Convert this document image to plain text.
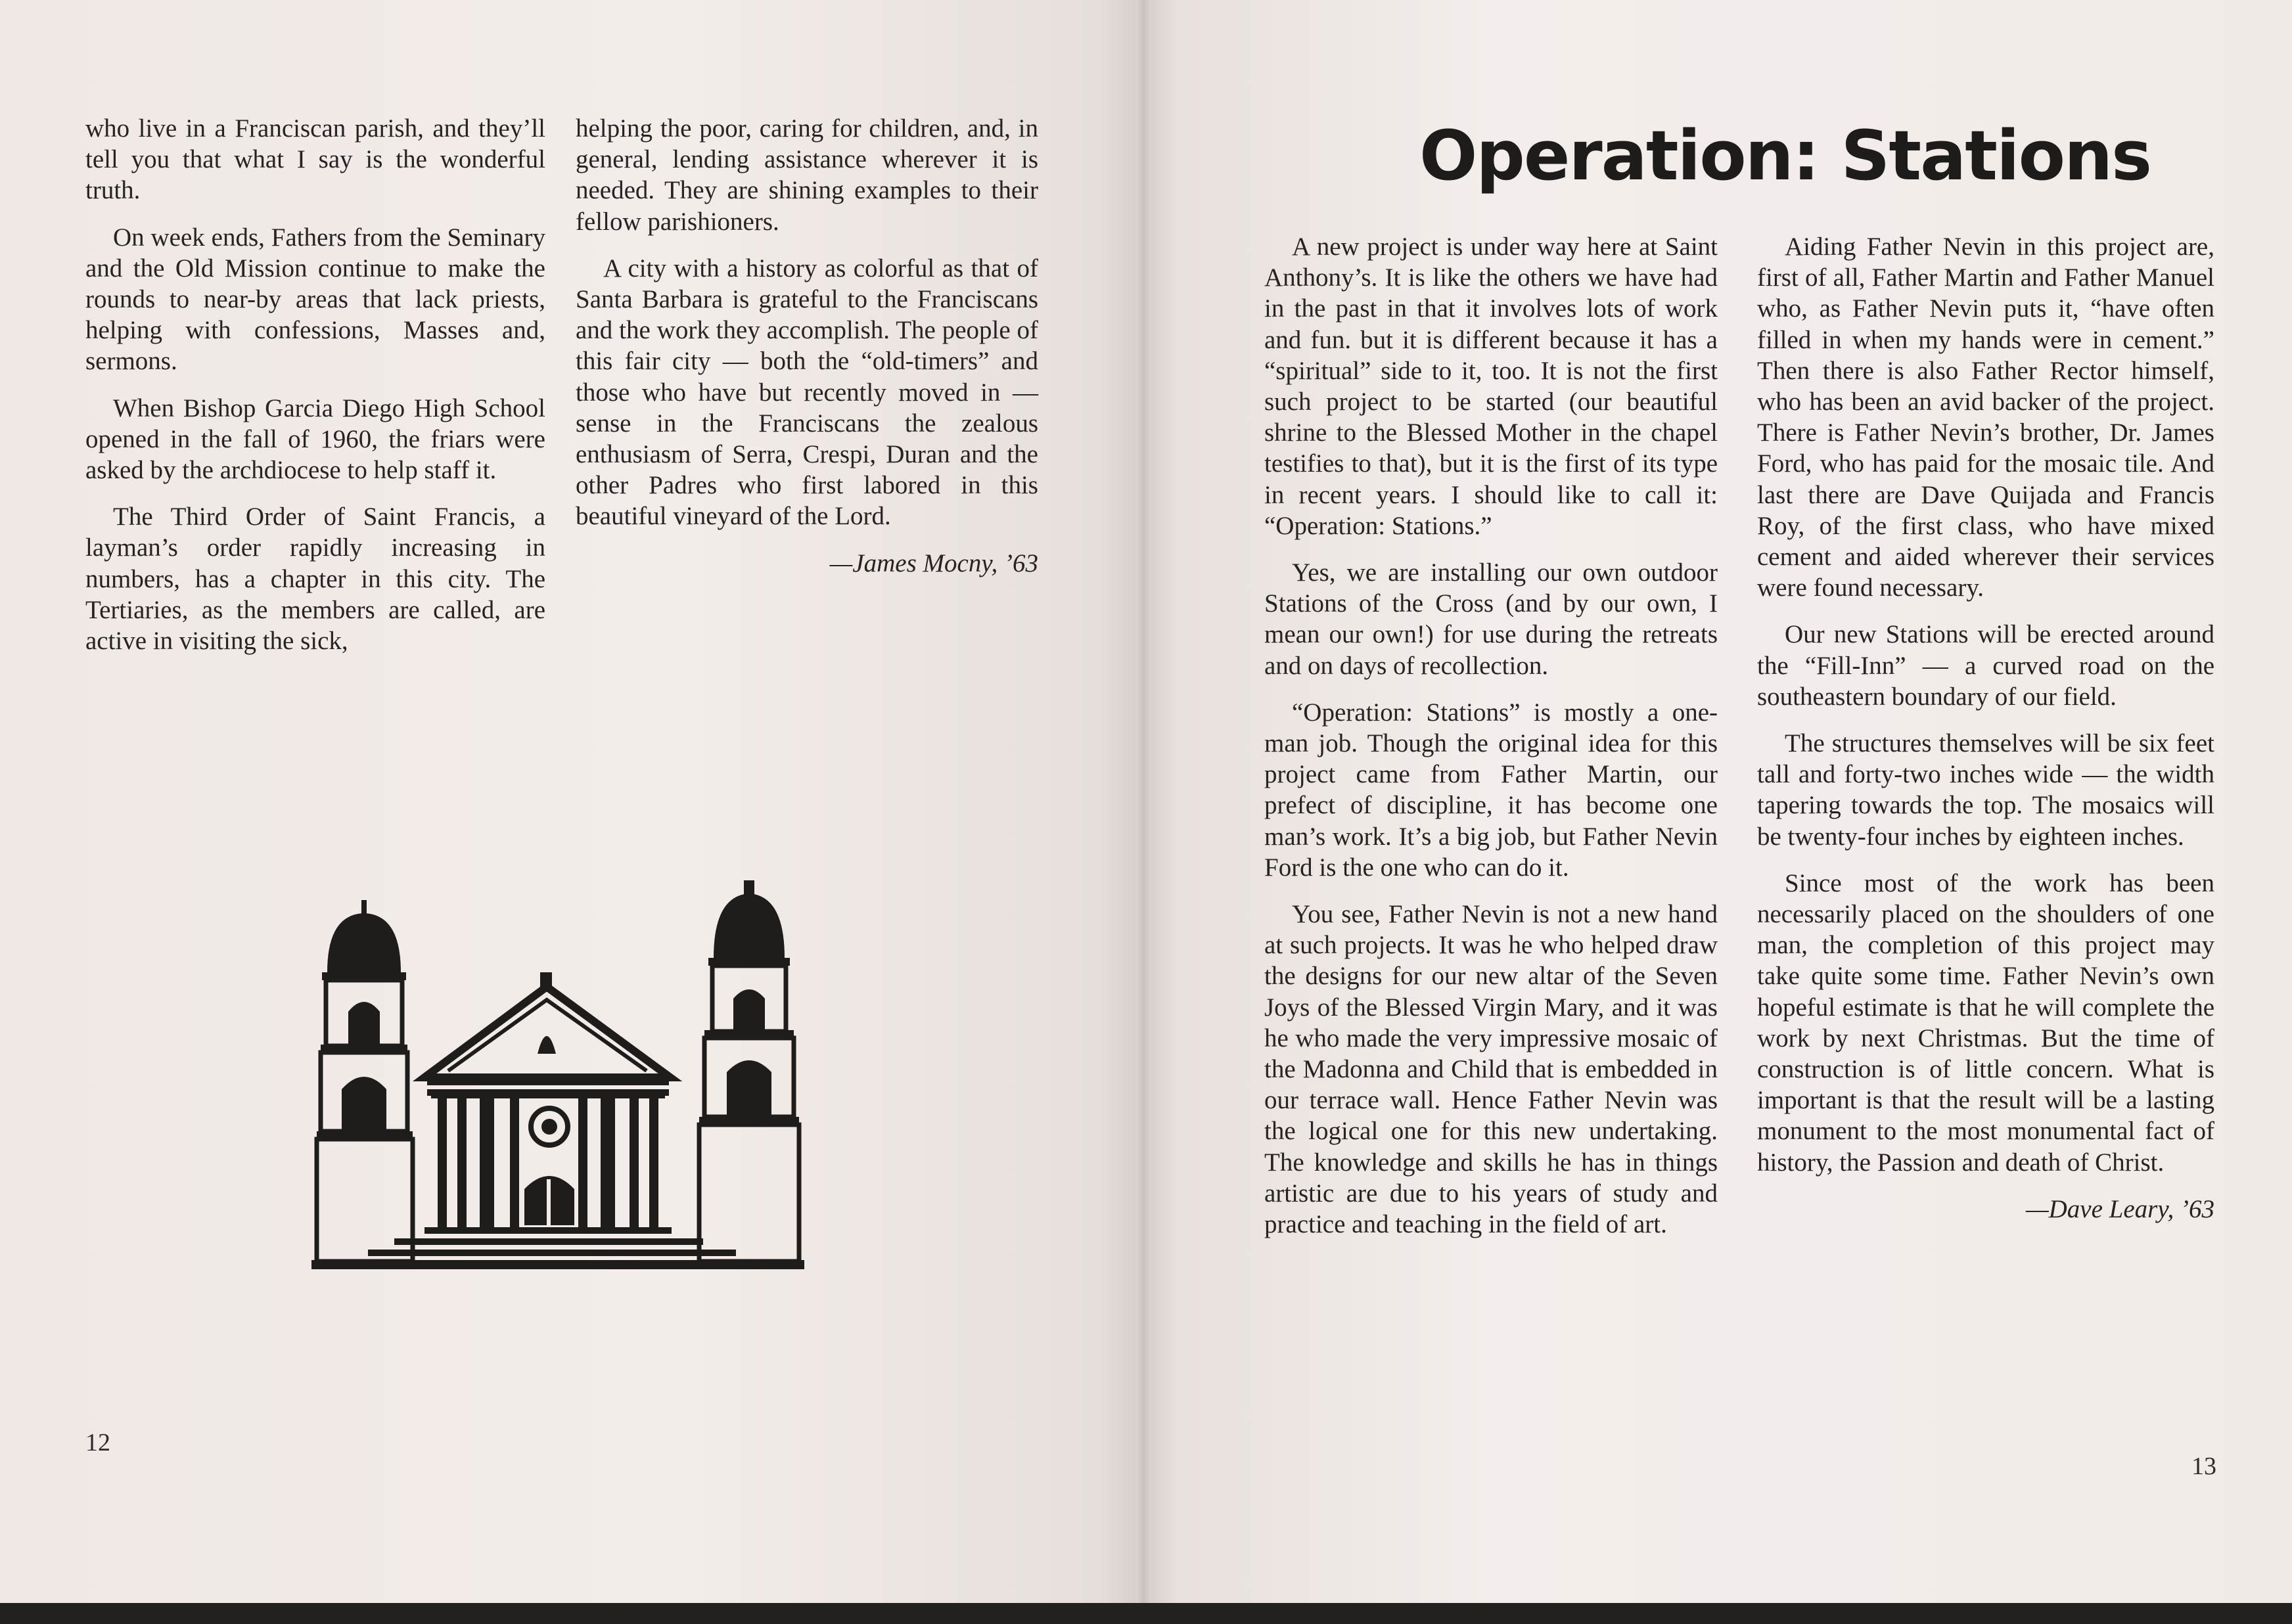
who live in a Franciscan parish, and they’ll tell you that what I say is the wonderful truth.

On week ends, Fathers from the Seminary and the Old Mission continue to make the rounds to near-by areas that lack priests, helping with confessions, Masses and, sermons.

When Bishop Garcia Diego High School opened in the fall of 1960, the friars were asked by the archdiocese to help staff it.

The Third Order of Saint Francis, a layman’s order rapidly increasing in numbers, has a chapter in this city. The Tertiaries, as the members are called, are active in visiting the sick,

helping the poor, caring for children, and, in general, lending assistance wherever it is needed. They are shining examples to their fellow parishioners.

A city with a history as colorful as that of Santa Barbara is grateful to the Franciscans and the work they accomplish. The people of this fair city — both the “old-timers” and those who have but recently moved in — sense in the Franciscans the zealous enthusiasm of Serra, Crespi, Duran and the other Padres who first labored in this beautiful vineyard of the Lord.

—James Mocny, ’63

12

A new project is under way here at Saint Anthony’s. It is like the others we have had in the past in that it involves lots of work and fun. but it is different because it has a “spiritual” side to it, too. It is not the first such project to be started (our beautiful shrine to the Blessed Mother in the chapel testifies to that), but it is the first of its type in recent years. I should like to call it: “Operation: Stations.”

Yes, we are installing our own outdoor Stations of the Cross (and by our own, I mean our own!) for use during the retreats and on days of recollection.

“Operation: Stations” is mostly a one-man job. Though the original idea for this project came from Father Martin, our prefect of discipline, it has become one man’s work. It’s a big job, but Father Nevin Ford is the one who can do it.

You see, Father Nevin is not a new hand at such projects. It was he who helped draw the designs for our new altar of the Seven Joys of the Blessed Virgin Mary, and it was he who made the very impressive mosaic of the Madonna and Child that is embedded in our terrace wall. Hence Father Nevin was the logical one for this new undertaking. The knowledge and skills he has in things artistic are due to his years of study and practice and teaching in the field of art.

Aiding Father Nevin in this project are, first of all, Father Martin and Father Manuel who, as Father Nevin puts it, “have often filled in when my hands were in cement.” Then there is also Father Rector himself, who has been an avid backer of the project. There is Father Nevin’s brother, Dr. James Ford, who has paid for the mosaic tile. And last there are Dave Quijada and Francis Roy, of the first class, who have mixed cement and aided wherever their services were found necessary.

Our new Stations will be erected around the “Fill-Inn” — a curved road on the southeastern boundary of our field.

The structures themselves will be six feet tall and forty-two inches wide — the width tapering towards the top. The mosaics will be twenty-four inches by eighteen inches.

Since most of the work has been necessarily placed on the shoulders of one man, the completion of this project may take quite some time. Father Nevin’s own hopeful estimate is that he will complete the work by next Christmas. But the time of construction is of little concern. What is important is that the result will be a lasting monument to the most monumental fact of history, the Passion and death of Christ.

—Dave Leary, ’63

13
Operation: Stations
